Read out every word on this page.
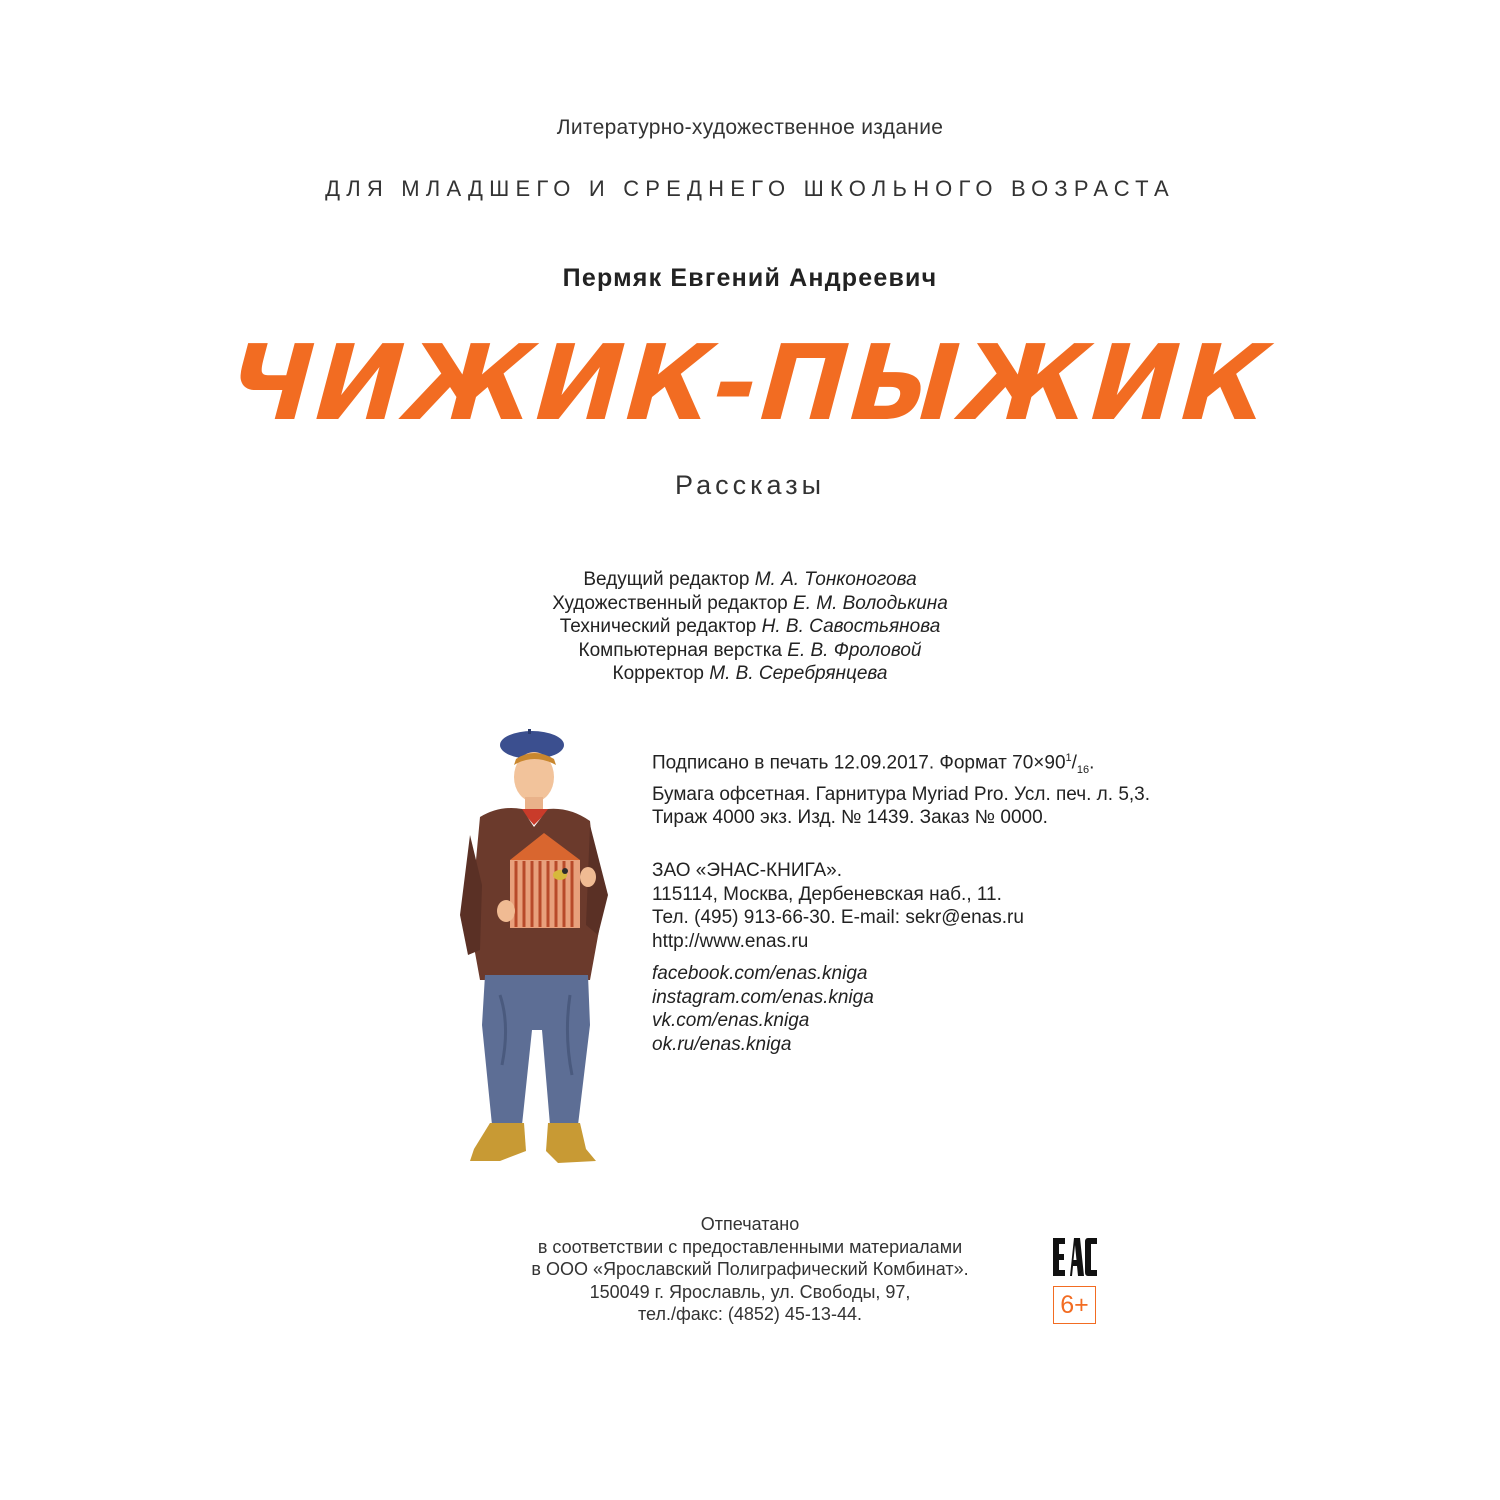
Литературно-художественное издание
ДЛЯ МЛАДШЕГО И СРЕДНЕГО ШКОЛЬНОГО ВОЗРАСТА
Пермяк Евгений Андреевич
ЧИЖИК-ПЫЖИК
Рассказы
Ведущий редактор М. А. Тонконогова
Художественный редактор Е. М. Володькина
Технический редактор Н. В. Савостьянова
Компьютерная верстка Е. В. Фроловой
Корректор М. В. Серебрянцева
Подписано в печать 12.09.2017. Формат $70\times 90^1/_{16}$.
Бумага офсетная. Гарнитура Myriad Pro. Усл. печ. л. 5,3.
Тираж 4000 экз. Изд. № 1439. Заказ № 0000.
ЗАО «ЭНАС-КНИГА».
115114, Москва, Дербеневская наб., 11.
Тел. (495) 913-66-30. E-mail: sekr@enas.ru
http://www.enas.ru
facebook.com/enas.kniga
instagram.com/enas.kniga
vk.com/enas.kniga
ok.ru/enas.kniga
Отпечатано
в соответствии с предоставленными материалами
в ООО «Ярославский Полиграфический Комбинат».
150049 г. Ярославль, ул. Свободы, 97,
тел./факс: (4852) 45-13-44.	6+
